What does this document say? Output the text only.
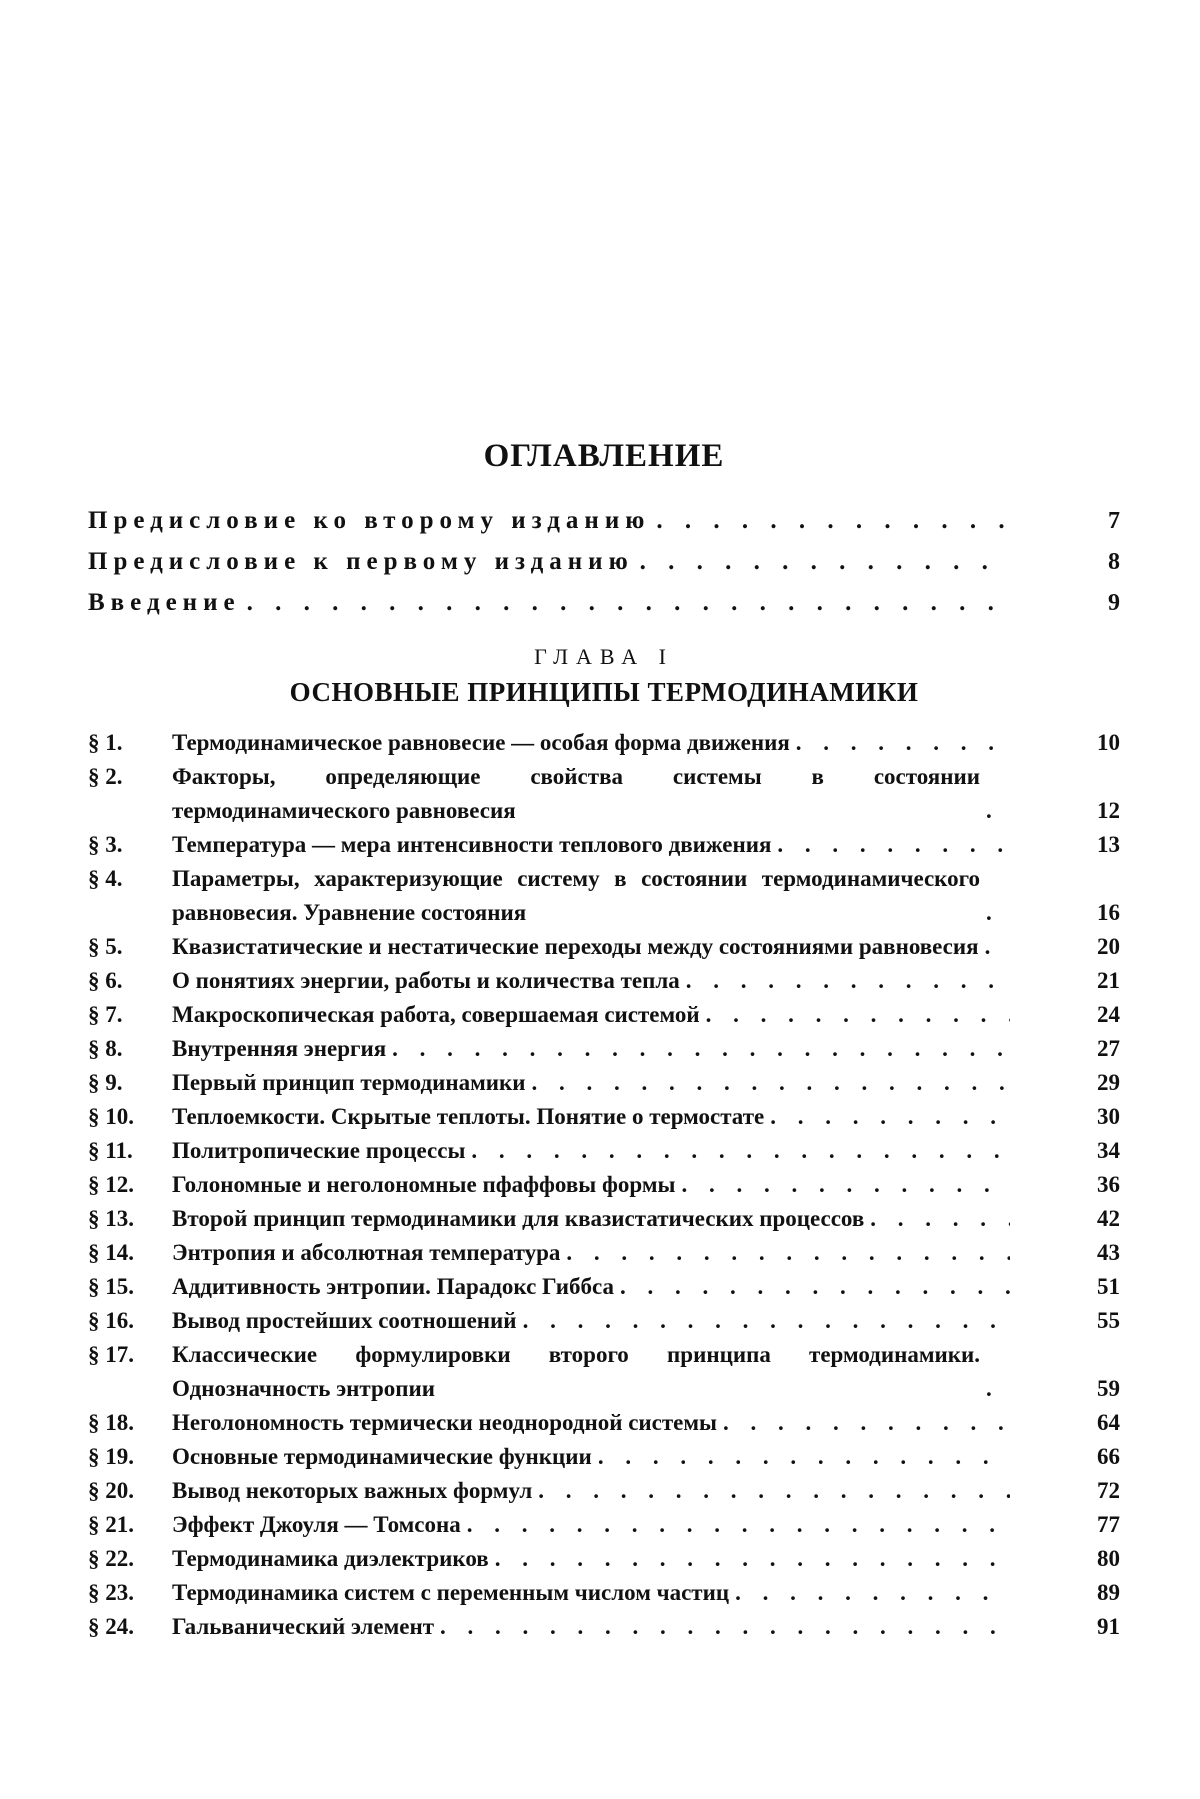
ОГЛАВЛЕНИЕ
Предисловие ко второму изданию
. . .	7
Предисловие к первому изданию
. . .	8
Введение
. . .	9
ГЛАВА I
ОСНОВНЫЕ ПРИНЦИПЫ ТЕРМОДИНАМИКИ
§ 1.	Термодинамическое равновесие — особая форма движения
. . .	10
§ 2.	Факторы, определяющие свойства системы в состоянии термодинамического равновесия
. . .	12
§ 3.	Температура — мера интенсивности теплового движения
. . .	13
§ 4.	Параметры, характеризующие систему в состоянии термодинамического равновесия. Уравнение состояния
. . .	16
§ 5.	Квазистатические и нестатические переходы между состояниями равновесия
. . .	20
§ 6.	О понятиях энергии, работы и количества тепла
. . .	21
§ 7.	Макроскопическая работа, совершаемая системой
. . .	24
§ 8.	Внутренняя энергия
. . .	27
§ 9.	Первый принцип термодинамики
. . .	29
§ 10.	Теплоемкости. Скрытые теплоты. Понятие о термостате
. . .	30
§ 11.	Политропические процессы
. . .	34
§ 12.	Голономные и неголономные пфаффовы формы
. . .	36
§ 13.	Второй принцип термодинамики для квазистатических процессов
. . .	42
§ 14.	Энтропия и абсолютная температура
. . .	43
§ 15.	Аддитивность энтропии. Парадокс Гиббса
. . .	51
§ 16.	Вывод простейших соотношений
. . .	55
§ 17.	Классические формулировки второго принципа термодинамики. Однозначность энтропии
. . .	59
§ 18.	Неголономность термически неоднородной системы
. . .	64
§ 19.	Основные термодинамические функции
. . .	66
§ 20.	Вывод некоторых важных формул
. . .	72
§ 21.	Эффект Джоуля — Томсона
. . .	77
§ 22.	Термодинамика диэлектриков
. . .	80
§ 23.	Термодинамика систем с переменным числом частиц
. . .	89
§ 24.	Гальванический элемент
. . .	91
